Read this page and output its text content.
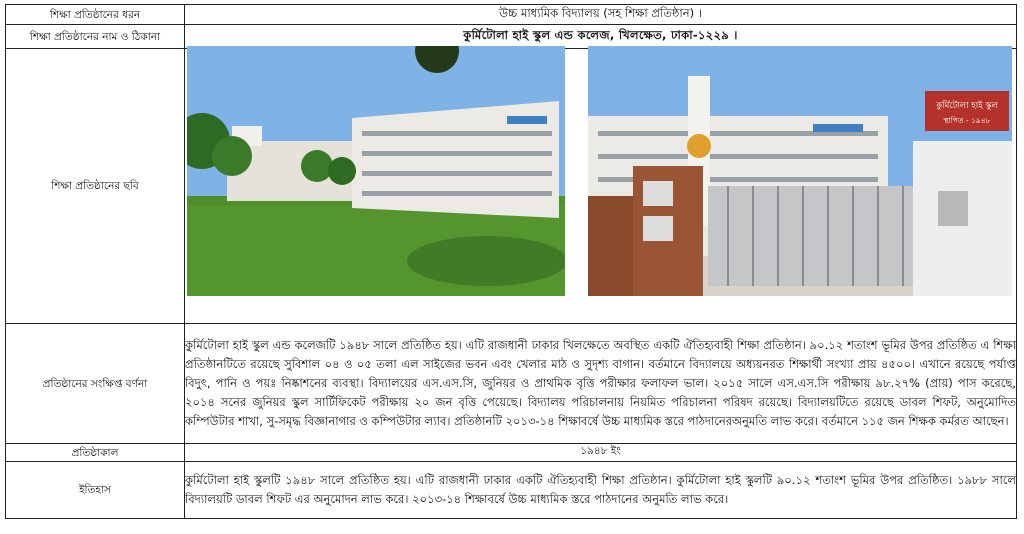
শিক্ষা প্রতিষ্ঠানের ধরন	উচ্চ মাধ্যমিক বিদ্যালয় (সহ শিক্ষা প্রতিষ্ঠান) ।
শিক্ষা প্রতিষ্ঠানের নাম ও ঠিকানা	কুর্মিটোলা হাই স্কুল এন্ড কলেজ, খিলক্ষেত, ঢাকা-১২২৯ ।
শিক্ষা প্রতিষ্ঠানের ছবি	
প্রতিষ্ঠানের সংক্ষিপ্ত বর্ণনা	কুর্মিটোলা হাই স্কুল এন্ড কলেজটি ১৯৪৮ সালে প্রতিষ্ঠিত হয়। এটি রাজধানী ঢাকার খিলক্ষেতে অবস্থিত একটি ঐতিহ্যবাহী শিক্ষা প্রতিষ্ঠান। ৯০.১২ শতাংশ ভূমির উপর প্রতিষ্ঠিত এ শিক্ষা প্রতিষ্ঠানটিতে রয়েছে সুবিশাল ০৪ ও ০৫ তলা এল সাইজের ভবন এবং খেলার মাঠ ও সুদৃশ্য বাগান। বর্তমানে বিদ্যালয়ে অধ্যয়নরত শিক্ষার্থী সংখ্যা প্রায় ৪৫০০। এখানে রয়েছে পর্যাপ্ত বিদুৎ, পানি ও পয়ঃ নিষ্কাশনের ব্যবস্থা। বিদ্যালয়ের এস.এস.সি, জুনিয়র ও প্রাথমিক বৃত্তি পরীক্ষার ফলাফল ভাল। ২০১৫ সালে এস.এস.সি পরীক্ষায় ৯৮.২৭% (প্রায়) পাস করেছে, ২০১৪ সনের জুনিয়র স্কুল সার্টিফিকেট পরীক্ষায় ২০ জন বৃত্তি পেয়েছে। বিদ্যালয় পরিচালনায় নিয়মিত পরিচালনা পরিষদ রয়েছে। বিদ্যালয়টিতে রয়েছে ডাবল শিফট, অনুমোদিত কম্পিউটার শাখা, সু-সমৃদ্ধ বিজ্ঞানাগার ও কম্পিউটার ল্যাব। প্রতিষ্ঠানটি ২০১৩-১৪ শিক্ষাবর্ষে উচ্চ মাধ্যমিক স্তরে পাঠদানেরঅনুমতি লাভ করে। বর্তমানে ১১৫ জন শিক্ষক কর্মরত আছেন।
প্রতিষ্ঠাকাল	১৯৪৮ ইং
ইতিহাস	কুর্মিটোলা হাই স্কুলটি ১৯৪৮ সালে প্রতিষ্ঠিত হয়। এটি রাজধানী ঢাকার একটি ঐতিহ্যবাহী শিক্ষা প্রতিষ্ঠান। কুর্মিটোলা হাই স্কুলটি ৯০.১২ শতাংশ ভূমির উপর প্রতিষ্ঠিত। ১৯৮৮ সালে বিদ্যালয়টি ডাবল শিফট এর অনুমোদন লাভ করে। ২০১৩-১৪ শিক্ষাবর্ষে উচ্চ মাধ্যমিক স্তরে পাঠদানের অনুমতি লাভ করে।
কুর্মিটোলা হাই স্কুল
স্থাপিত - ১৯৪৮
